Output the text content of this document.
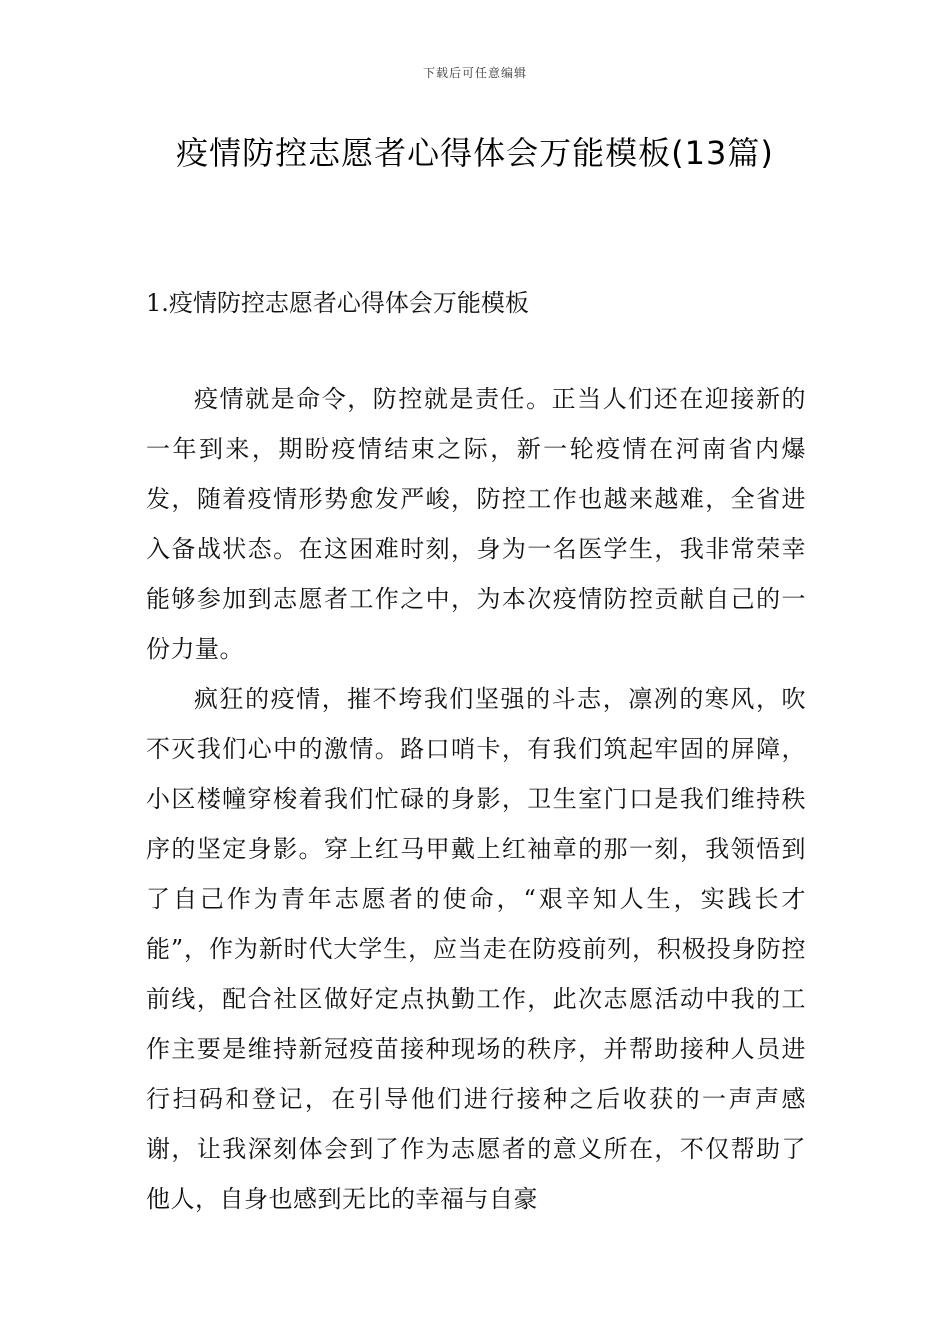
下载后可任意编辑
疫情防控志愿者心得体会万能模板(13篇)
1.疫情防控志愿者心得体会万能模板

疫情就是命令，防控就是责任。正当人们还在迎接新的一年到来，期盼疫情结束之际，新一轮疫情在河南省内爆发，随着疫情形势愈发严峻，防控工作也越来越难，全省进入备战状态。在这困难时刻，身为一名医学生，我非常荣幸能够参加到志愿者工作之中，为本次疫情防控贡献自己的一份力量。

疯狂的疫情，摧不垮我们坚强的斗志，凛冽的寒风，吹不灭我们心中的激情。路口哨卡，有我们筑起牢固的屏障，小区楼幢穿梭着我们忙碌的身影，卫生室门口是我们维持秩序的坚定身影。穿上红马甲戴上红袖章的那一刻，我领悟到了自己作为青年志愿者的使命，“艰辛知人生，实践长才能”，作为新时代大学生，应当走在防疫前列，积极投身防控前线，配合社区做好定点执勤工作，此次志愿活动中我的工作主要是维持新冠疫苗接种现场的秩序，并帮助接种人员进行扫码和登记，在引导他们进行接种之后收获的一声声感谢，让我深刻体会到了作为志愿者的意义所在，不仅帮助了他人，自身也感到无比的幸福与自豪
